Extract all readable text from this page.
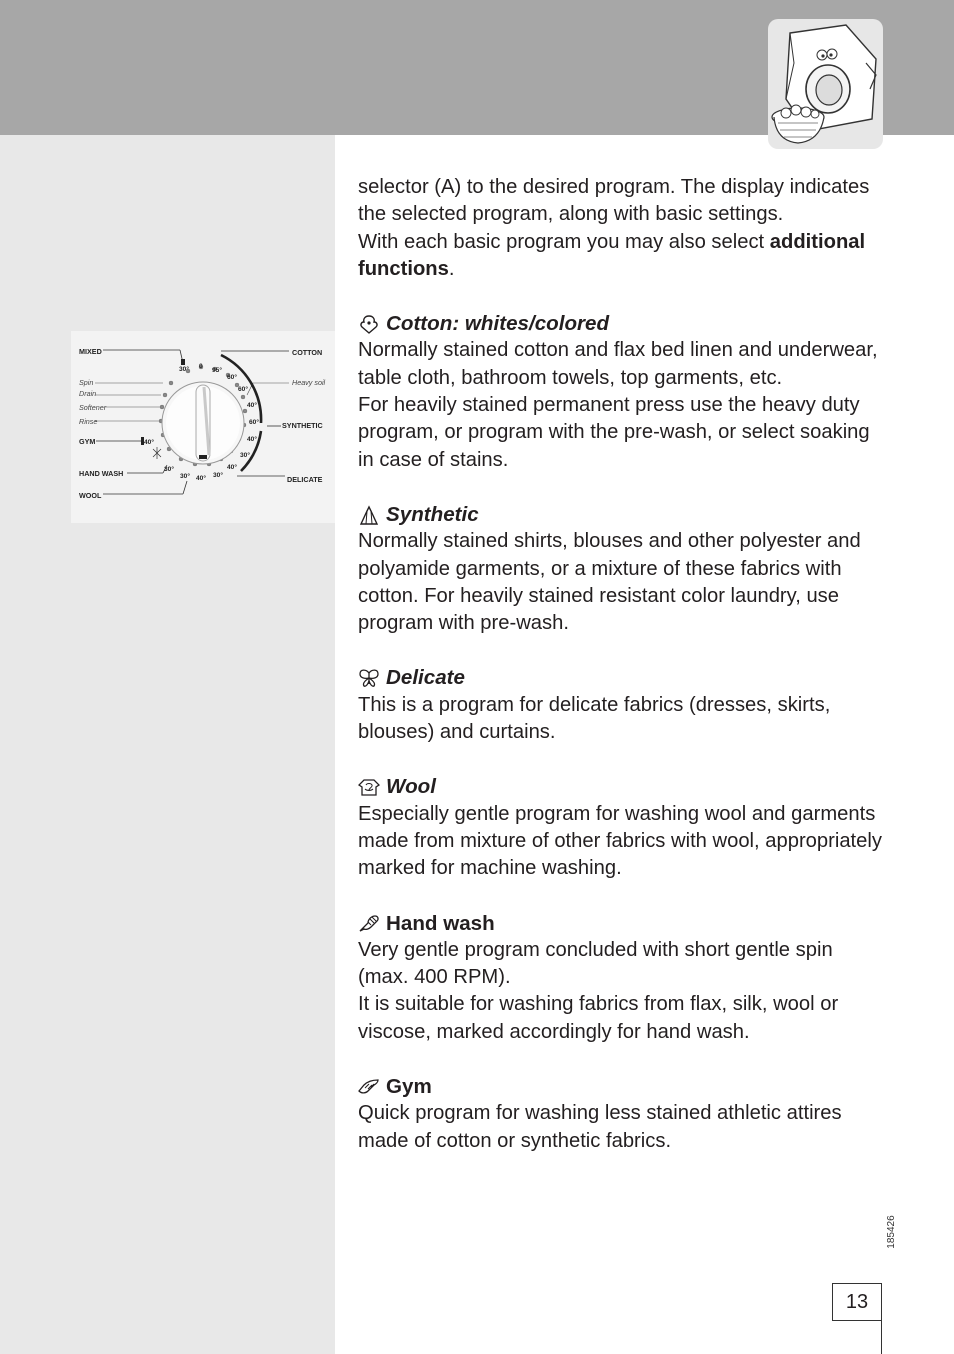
MIXED
Spin
Drain
Softener
Rinse
GYM
HAND WASH
WOOL
COTTON
Heavy soil
SYNTHETIC
DELICATE
30° 0
95°
60°
60°
40°
60°
40°
30°
40°
30°
40°
30°
30°
40°

selector (A) to the desired program. The display indicates the selected program, along with basic settings.

With each basic program you may also select additional functions.

Cotton: whites/colored

Normally stained cotton and flax bed linen and underwear, table cloth, bathroom towels, top garments, etc.

For heavily stained permanent press use the heavy duty program, or program with the pre-wash, or select soaking in case of stains.

Synthetic

Normally stained shirts, blouses and other polyester and polyamide garments, or a mixture of these fabrics with cotton. For heavily stained resistant color laundry, use program with pre-wash.

Delicate

This is a program for delicate fabrics (dresses, skirts, blouses) and curtains.

Wool

Especially gentle program for washing wool and garments made from mixture of other fabrics with wool, appropriately marked for machine washing.

Hand wash

Very gentle program concluded with short gentle spin (max. 400 RPM).

It is suitable for washing fabrics from flax, silk, wool or viscose, marked accordingly for hand wash.

Gym

Quick program for washing less stained athletic attires made of cotton or synthetic fabrics.

185426
13
